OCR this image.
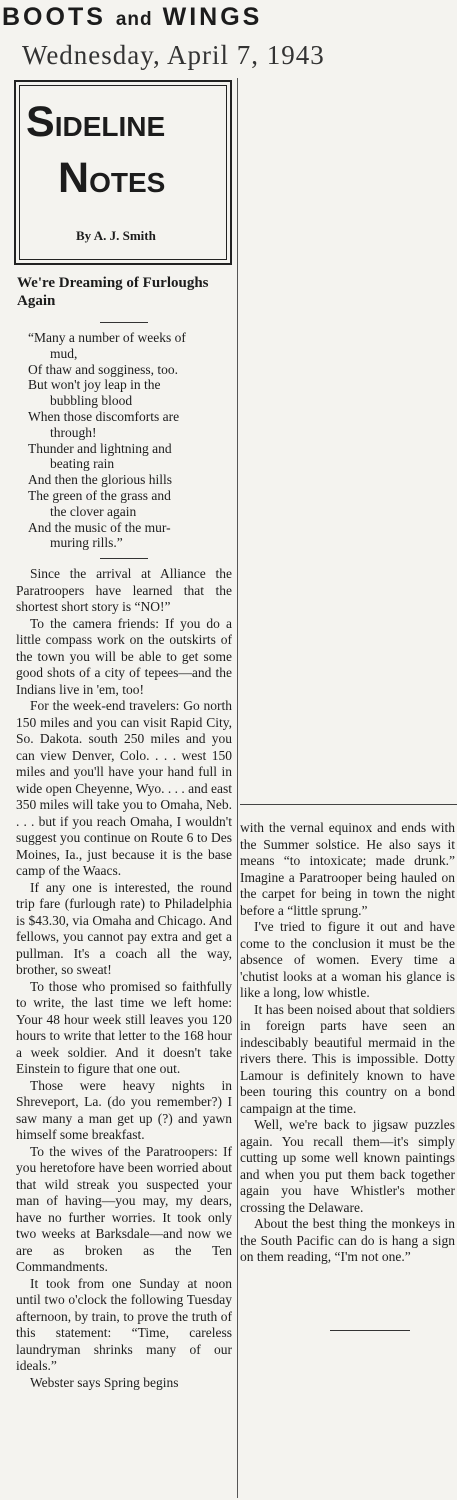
BOOTS and WINGS
Wednesday, April 7, 1943
SIDELINE
NOTES
By A. J. Smith
We're Dreaming of Furloughs Again
“Many a number of weeks of
mud,
Of thaw and sogginess, too.
But won't joy leap in the
bubbling blood
When those discomforts are
through!
Thunder and lightning and
beating rain
And then the glorious hills
The green of the grass and
the clover again
And the music of the mur-
muring rills.”

Since the arrival at Alliance the Paratroopers have learned that the shortest short story is “NO!”

To the camera friends: If you do a little compass work on the outskirts of the town you will be able to get some good shots of a city of tepees—and the Indians live in 'em, too!

For the week-end travelers: Go north 150 miles and you can visit Rapid City, So. Dakota. south 250 miles and you can view Denver, Colo. . . . west 150 miles and you'll have your hand full in wide open Cheyenne, Wyo. . . . and east 350 miles will take you to Omaha, Neb. . . . but if you reach Omaha, I wouldn't suggest you continue on Route 6 to Des Moines, Ia., just because it is the base camp of the Waacs.

If any one is interested, the round trip fare (furlough rate) to Philadelphia is $43.30, via Omaha and Chicago. And fellows, you cannot pay extra and get a pullman. It's a coach all the way, brother, so sweat!

To those who promised so faithfully to write, the last time we left home: Your 48 hour week still leaves you 120 hours to write that letter to the 168 hour a week soldier. And it doesn't take Einstein to figure that one out.

Those were heavy nights in Shreveport, La. (do you remember?) I saw many a man get up (?) and yawn himself some breakfast.

To the wives of the Paratroopers: If you heretofore have been worried about that wild streak you suspected your man of having—you may, my dears, have no further worries. It took only two weeks at Barksdale—and now we are as broken as the Ten Commandments.

It took from one Sunday at noon until two o'clock the following Tuesday afternoon, by train, to prove the truth of this statement: “Time, careless laundryman shrinks many of our ideals.”

Webster says Spring begins

with the vernal equinox and ends with the Summer solstice. He also says it means “to intoxicate; made drunk.” Imagine a Paratrooper being hauled on the carpet for being in town the night before a “little sprung.”

I've tried to figure it out and have come to the conclusion it must be the absence of women. Every time a 'chutist looks at a woman his glance is like a long, low whistle.

It has been noised about that soldiers in foreign parts have seen an indescibably beautiful mermaid in the rivers there. This is impossible. Dotty Lamour is definitely known to have been touring this country on a bond campaign at the time.

Well, we're back to jigsaw puzzles again. You recall them—it's simply cutting up some well known paintings and when you put them back together again you have Whistler's mother crossing the Delaware.

About the best thing the monkeys in the South Pacific can do is hang a sign on them reading, “I'm not one.”
